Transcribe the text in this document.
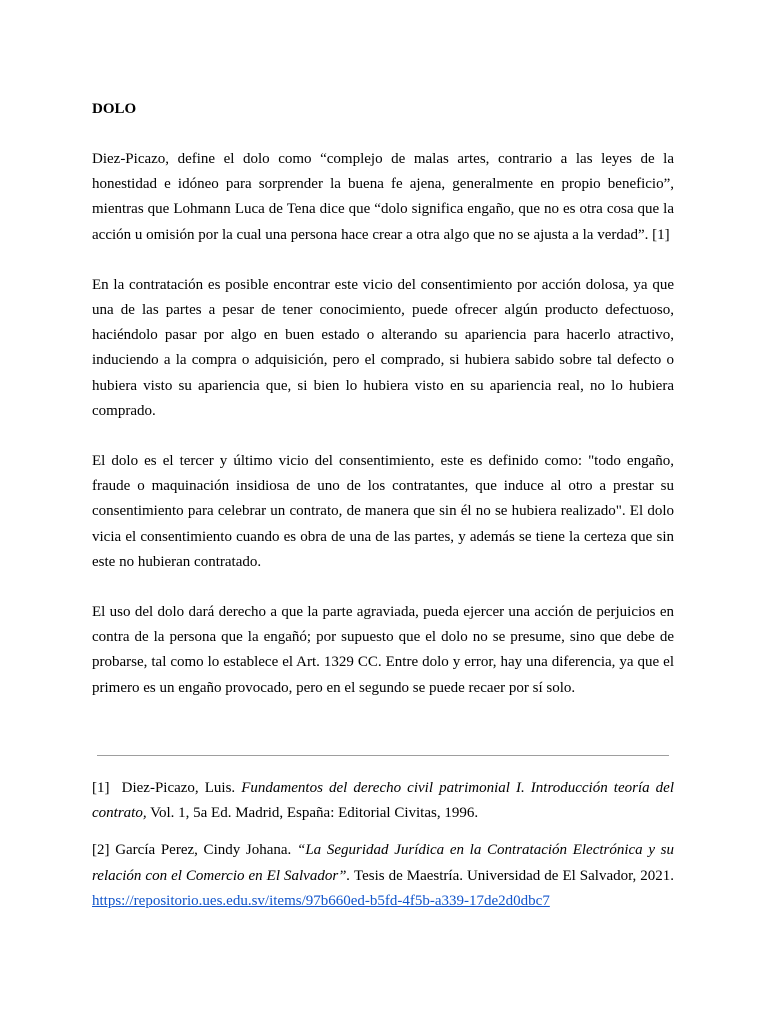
DOLO

Diez-Picazo, define el dolo como “complejo de malas artes, contrario a las leyes de la honestidad e idóneo para sorprender la buena fe ajena, generalmente en propio beneficio”, mientras que Lohmann Luca de Tena dice que “dolo significa engaño, que no es otra cosa que la acción u omisión por la cual una persona hace crear a otra algo que no se ajusta a la verdad”. [1]

En la contratación es posible encontrar este vicio del consentimiento por acción dolosa, ya que una de las partes a pesar de tener conocimiento, puede ofrecer algún producto defectuoso, haciéndolo pasar por algo en buen estado o alterando su apariencia para hacerlo atractivo, induciendo a la compra o adquisición, pero el comprado, si hubiera sabido sobre tal defecto o hubiera visto su apariencia que, si bien lo hubiera visto en su apariencia real, no lo hubiera comprado.

El dolo es el tercer y último vicio del consentimiento, este es definido como: "todo engaño, fraude o maquinación insidiosa de uno de los contratantes, que induce al otro a prestar su consentimiento para celebrar un contrato, de manera que sin él no se hubiera realizado". El dolo vicia el consentimiento cuando es obra de una de las partes, y además se tiene la certeza que sin este no hubieran contratado.

El uso del dolo dará derecho a que la parte agraviada, pueda ejercer una acción de perjuicios en contra de la persona que la engañó; por supuesto que el dolo no se presume, sino que debe de probarse, tal como lo establece el Art. 1329 CC. Entre dolo y error, hay una diferencia, ya que el primero es un engaño provocado, pero en el segundo se puede recaer por sí solo.

[1] Diez-Picazo, Luis. Fundamentos del derecho civil patrimonial I. Introducción teoría del contrato, Vol. 1, 5a Ed. Madrid, España: Editorial Civitas, 1996.

[2] García Perez, Cindy Johana. “La Seguridad Jurídica en la Contratación Electrónica y su relación con el Comercio en El Salvador”. Tesis de Maestría. Universidad de El Salvador, 2021. https://repositorio.ues.edu.sv/items/97b660ed-b5fd-4f5b-a339-17de2d0dbc7
